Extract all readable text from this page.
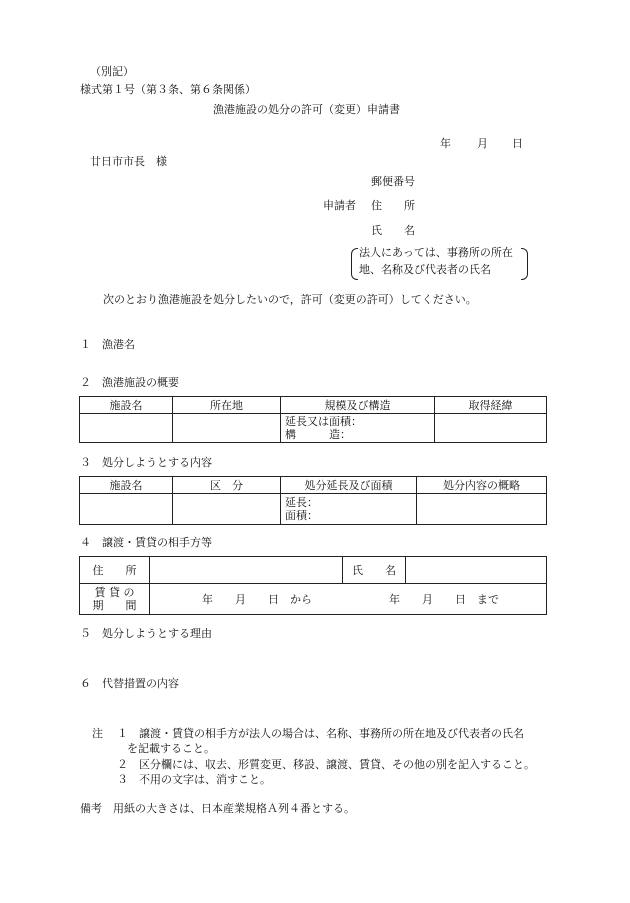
（別記）
様式第１号（第３条、第６条関係）
漁港施設の処分の許可（変更）申請書
年 月 日
廿日市市長　様
郵便番号
申請者 住　　所
氏　　名
法人にあっては、事務所の所在
地、名称及び代表者の氏名
次のとおり漁港施設を処分したいので，許可（変更の許可）してください。
１　漁港名
２　漁港施設の概要
施設名	所在地	規模及び構造	取得経緯

		延長又は面積：
構　　　造：	

３　処分しようとする内容
施設名	区　分	処分延長及び面積	処分内容の概略

		延長：
面積：	

４　譲渡・賃貸の相手方等
住　　所		氏　　名	

賃 貸 の
期　　間	年　　月　　日　から　　　　　　　年　　月　　日　まで		
５　処分しようとする理由
６　代替措置の内容
注 １ 譲渡・賃貸の相手方が法人の場合は、名称、事務所の所在地及び代表者の氏名
を記載すること。
２ 区分欄には、収去、形質変更、移設、譲渡、賃貸、その他の別を記入すること。
３ 不用の文字は、消すこと。
備考　用紙の大きさは、日本産業規格Ａ列４番とする。
